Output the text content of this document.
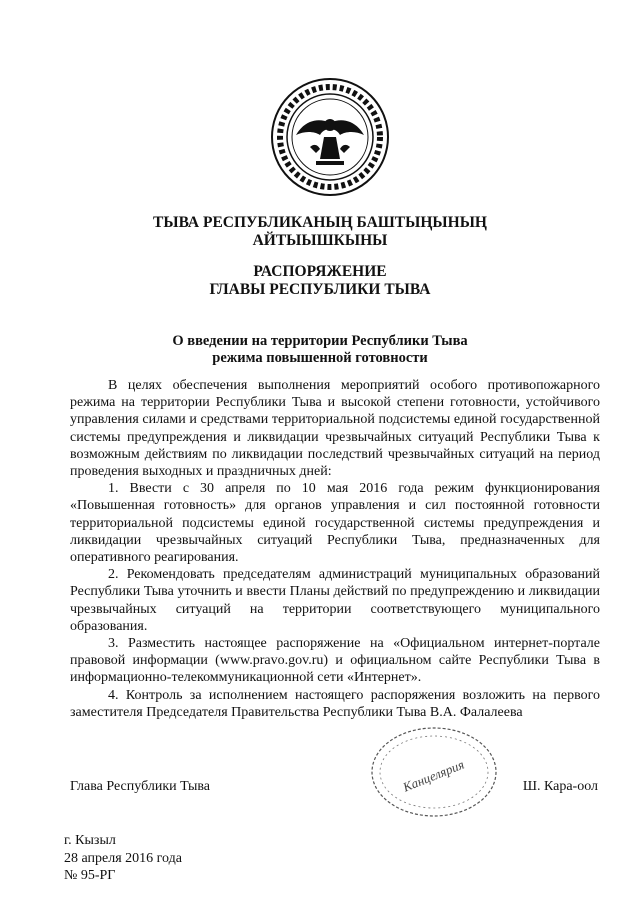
ТЫВА РЕСПУБЛИКАНЫҢ БАШТЫҢЫНЫҢ
АЙТЫЫШКЫНЫ
РАСПОРЯЖЕНИЕ
ГЛАВЫ РЕСПУБЛИКИ ТЫВА
О введении на территории Республики Тыва
режима повышенной готовности

В целях обеспечения выполнения мероприятий особого противопожарного режима на территории Республики Тыва и высокой степени готовности, устойчивого управления силами и средствами территориальной подсистемы единой государственной системы предупреждения и ликвидации чрезвычайных ситуаций Республики Тыва к возможным действиям по ликвидации последствий чрезвычайных ситуаций на период проведения выходных и праздничных дней:

1. Ввести с 30 апреля по 10 мая 2016 года режим функционирования «Повышенная готовность» для органов управления и сил постоянной готовности территориальной подсистемы единой государственной системы предупреждения и ликвидации чрезвычайных ситуаций Республики Тыва, предназначенных для оперативного реагирования.

2. Рекомендовать председателям администраций муниципальных образований Республики Тыва уточнить и ввести Планы действий по предупреждению и ликвидации чрезвычайных ситуаций на территории соответствующего муниципального образования.

3. Разместить настоящее распоряжение на «Официальном интернет-портале правовой информации (www.pravo.gov.ru) и официальном сайте Республики Тыва в информационно-телекоммуникационной сети «Интернет».

4. Контроль за исполнением настоящего распоряжения возложить на первого заместителя Председателя Правительства Республики Тыва В.А. Фалалеева

Канцелярия
Глава Республики Тыва	Ш. Кара-оол
г. Кызыл
28 апреля 2016 года
№ 95-РГ
